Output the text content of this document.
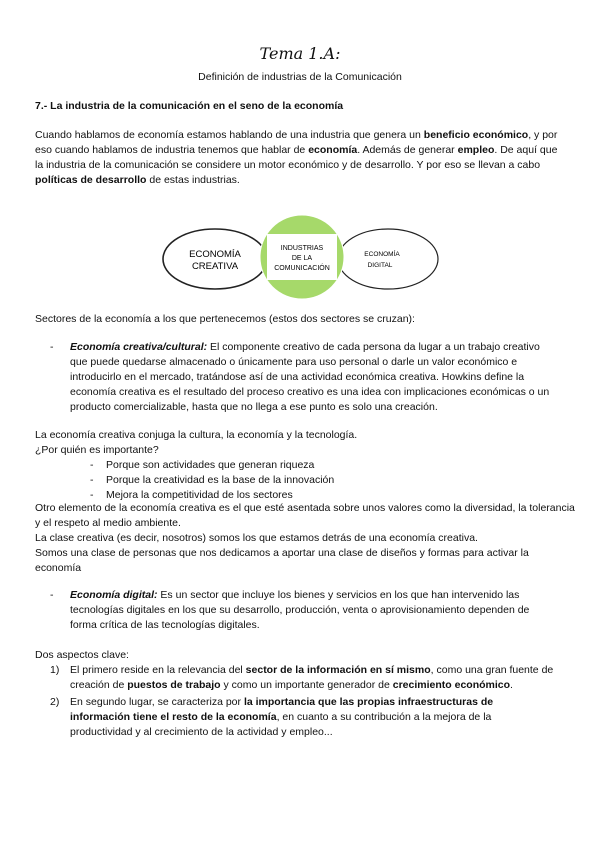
Tema 1.A:
Definición de industrias de la Comunicación
7.- La industria de la comunicación en el seno de la economía

Cuando hablamos de economía estamos hablando de una industria que genera un beneficio económico, y por eso cuando hablamos de industria tenemos que hablar de economía. Además de generar empleo. De aquí que la industria de la comunicación se considere un motor económico y de desarrollo. Y por eso se llevan a cabo políticas de desarrollo de estas industrias.

ECONOMÍA
CREATIVA
INDUSTRIAS
DE LA
COMUNICACIÓN
ECONOMÍA
DIGITAL
Sectores de la economía a los que pertenecemos (estos dos sectores se cruzan):
- Economía creativa/cultural: El componente creativo de cada persona da lugar a un trabajo creativo que puede quedarse almacenado o únicamente para uso personal o darle un valor económico e introducirlo en el mercado, tratándose así de una actividad económica creativa. Howkins define la economía creativa es el resultado del proceso creativo es una idea con implicaciones económicas o un producto comercializable, hasta que no llega a ese punto es solo una creación.
La economía creativa conjuga la cultura, la economía y la tecnología.
¿Por quién es importante?
- Porque son actividades que generan riqueza
- Porque la creatividad es la base de la innovación
- Mejora la competitividad de los sectores
Otro elemento de la economía creativa es el que esté asentada sobre unos valores como la diversidad, la tolerancia y el respeto al medio ambiente.
La clase creativa (es decir, nosotros) somos los que estamos detrás de una economía creativa.
Somos una clase de personas que nos dedicamos a aportar una clase de diseños y formas para activar la economía
- Economía digital: Es un sector que incluye los bienes y servicios en los que han intervenido las tecnologías digitales en los que su desarrollo, producción, venta o aprovisionamiento dependen de forma crítica de las tecnologías digitales.
Dos aspectos clave:
1) El primero reside en la relevancia del sector de la información en sí mismo, como una gran fuente de creación de puestos de trabajo y como un importante generador de crecimiento económico.
2) En segundo lugar, se caracteriza por la importancia que las propias infraestructuras de información tiene el resto de la economía, en cuanto a su contribución a la mejora de la productividad y al crecimiento de la actividad y empleo...
